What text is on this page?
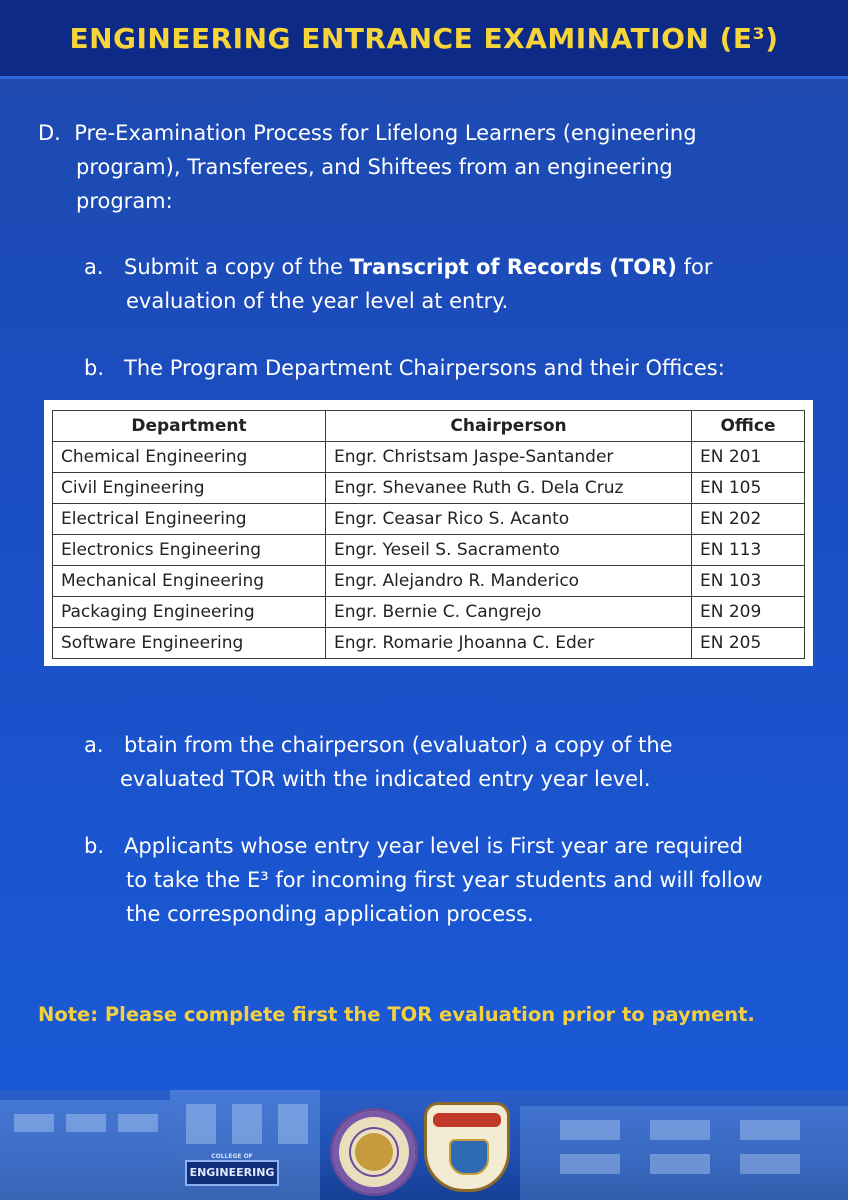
ENGINEERING ENTRANCE EXAMINATION (E³)
D. Pre-Examination Process for Lifelong Learners (engineering
program), Transferees, and Shiftees from an engineering
program:
a. Submit a copy of the Transcript of Records (TOR) for
evaluation of the year level at entry.
b. The Program Department Chairpersons and their Offices:
Department	Chairperson	Office
Chemical Engineering	Engr. Christsam Jaspe-Santander	EN 201
Civil Engineering	Engr. Shevanee Ruth G. Dela Cruz	EN 105
Electrical Engineering	Engr. Ceasar Rico S. Acanto	EN 202
Electronics Engineering	Engr. Yeseil S. Sacramento	EN 113
Mechanical Engineering	Engr. Alejandro R. Manderico	EN 103
Packaging Engineering	Engr. Bernie C. Cangrejo	EN 209
Software Engineering	Engr. Romarie Jhoanna C. Eder	EN 205
a. btain from the chairperson (evaluator) a copy of the
evaluated TOR with the indicated entry year level.
b. Applicants whose entry year level is First year are required
to take the E³ for incoming first year students and will follow
the corresponding application process.
Note: Please complete first the TOR evaluation prior to payment.
COLLEGE OF
ENGINEERING
